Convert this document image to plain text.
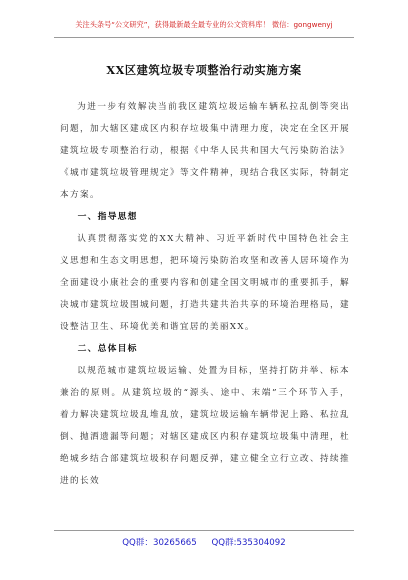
关注头条号“公文研究”，获得最新最全最专业的公文资料库！ 微信：gongwenyj
XX区建筑垃圾专项整治行动实施方案

为进一步有效解决当前我区建筑垃圾运输车辆私拉乱倒等突出问题，加大辖区建成区内积存垃圾集中清理力度，决定在全区开展建筑垃圾专项整治行动，根据《中华人民共和国大气污染防治法》《城市建筑垃圾管理规定》等文件精神，现结合我区实际，特制定本方案。

一、指导思想

认真贯彻落实党的XX大精神、习近平新时代中国特色社会主义思想和生态文明思想，把环境污染防治攻坚和改善人居环境作为全面建设小康社会的重要内容和创建全国文明城市的重要抓手，解决城市建筑垃圾围城问题，打造共建共治共享的环境治理格局，建设整洁卫生、环境优美和谐宜居的美丽XX。

二、总体目标

以规范城市建筑垃圾运输、处置为目标，坚持打防并举、标本兼治的原则。从建筑垃圾的“源头、途中、末端”三个环节入手，着力解决建筑垃圾乱堆乱放，建筑垃圾运输车辆带泥上路、私拉乱倒、抛洒遗漏等问题；对辖区建成区内积存建筑垃圾集中清理，杜绝城乡结合部建筑垃圾积存问题反弹，建立健全立行立改、持续推进的长效

QQ群：30265665 QQ群:535304092
